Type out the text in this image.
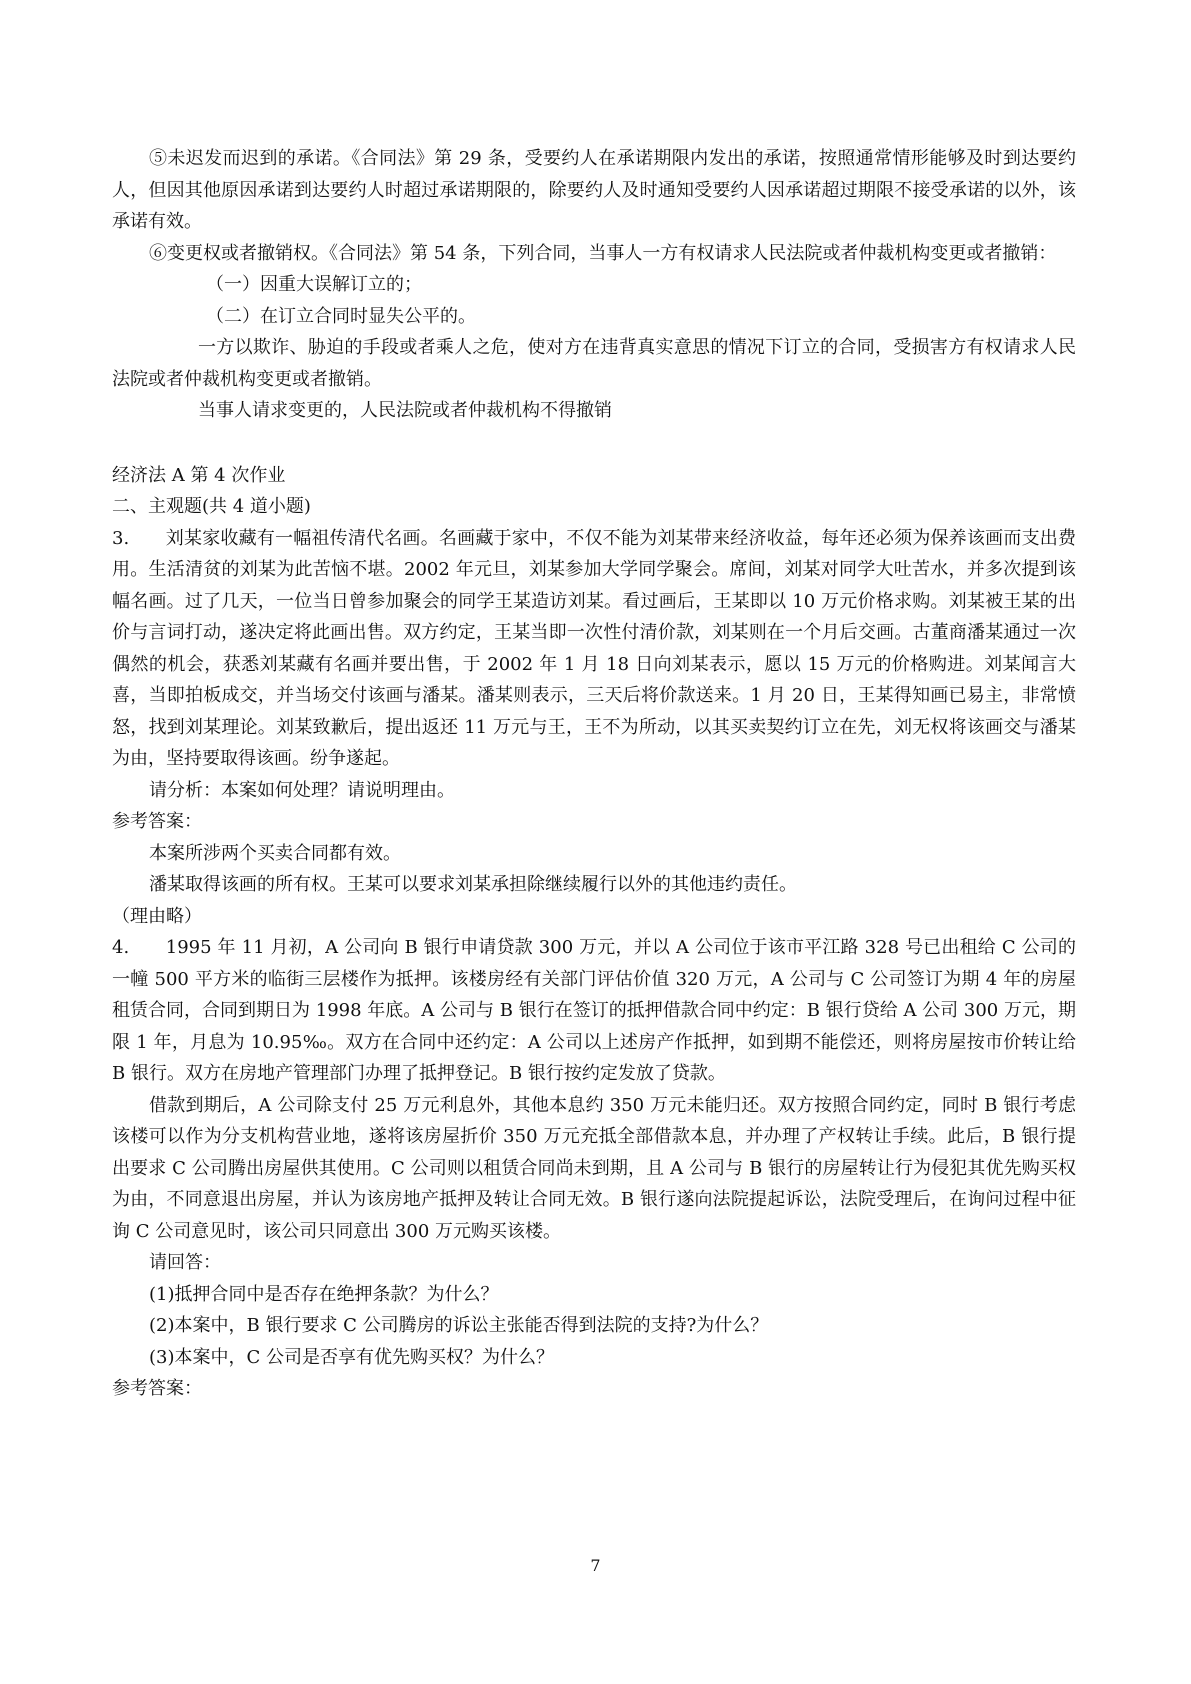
⑤未迟发而迟到的承诺。《合同法》第 29 条，受要约人在承诺期限内发出的承诺，按照通常情形能够及时到达要约人，但因其他原因承诺到达要约人时超过承诺期限的，除要约人及时通知受要约人因承诺超过期限不接受承诺的以外，该承诺有效。

⑥变更权或者撤销权。《合同法》第 54 条，下列合同，当事人一方有权请求人民法院或者仲裁机构变更或者撤销：

（一）因重大误解订立的；

（二）在订立合同时显失公平的。

一方以欺诈、胁迫的手段或者乘人之危，使对方在违背真实意思的情况下订立的合同，受损害方有权请求人民法院或者仲裁机构变更或者撤销。

当事人请求变更的，人民法院或者仲裁机构不得撤销

经济法 A 第 4 次作业

二、主观题(共 4 道小题)

3.　　刘某家收藏有一幅祖传清代名画。名画藏于家中，不仅不能为刘某带来经济收益，每年还必须为保养该画而支出费用。生活清贫的刘某为此苦恼不堪。2002 年元旦，刘某参加大学同学聚会。席间，刘某对同学大吐苦水，并多次提到该幅名画。过了几天，一位当日曾参加聚会的同学王某造访刘某。看过画后，王某即以 10 万元价格求购。刘某被王某的出价与言词打动，遂决定将此画出售。双方约定，王某当即一次性付清价款，刘某则在一个月后交画。古董商潘某通过一次偶然的机会，获悉刘某藏有名画并要出售，于 2002 年 1 月 18 日向刘某表示，愿以 15 万元的价格购进。刘某闻言大喜，当即拍板成交，并当场交付该画与潘某。潘某则表示，三天后将价款送来。1 月 20 日，王某得知画已易主，非常愤怒，找到刘某理论。刘某致歉后，提出返还 11 万元与王，王不为所动，以其买卖契约订立在先，刘无权将该画交与潘某为由，坚持要取得该画。纷争遂起。

请分析：本案如何处理？请说明理由。

参考答案：

本案所涉两个买卖合同都有效。

潘某取得该画的所有权。王某可以要求刘某承担除继续履行以外的其他违约责任。

（理由略）

4.　　1995 年 11 月初，A 公司向 B 银行申请贷款 300 万元，并以 A 公司位于该市平江路 328 号已出租给 C 公司的一幢 500 平方米的临街三层楼作为抵押。该楼房经有关部门评估价值 320 万元，A 公司与 C 公司签订为期 4 年的房屋租赁合同，合同到期日为 1998 年底。A 公司与 B 银行在签订的抵押借款合同中约定：B 银行贷给 A 公司 300 万元，期限 1 年，月息为 10.95‰。双方在合同中还约定：A 公司以上述房产作抵押，如到期不能偿还，则将房屋按市价转让给 B 银行。双方在房地产管理部门办理了抵押登记。B 银行按约定发放了贷款。

借款到期后，A 公司除支付 25 万元利息外，其他本息约 350 万元未能归还。双方按照合同约定，同时 B 银行考虑该楼可以作为分支机构营业地，遂将该房屋折价 350 万元充抵全部借款本息，并办理了产权转让手续。此后，B 银行提出要求 C 公司腾出房屋供其使用。C 公司则以租赁合同尚未到期，且 A 公司与 B 银行的房屋转让行为侵犯其优先购买权为由，不同意退出房屋，并认为该房地产抵押及转让合同无效。B 银行遂向法院提起诉讼，法院受理后，在询问过程中征询 C 公司意见时，该公司只同意出 300 万元购买该楼。

请回答：

(1)抵押合同中是否存在绝押条款？为什么？

(2)本案中，B 银行要求 C 公司腾房的诉讼主张能否得到法院的支持?为什么？

(3)本案中，C 公司是否享有优先购买权？为什么？

参考答案：

7
